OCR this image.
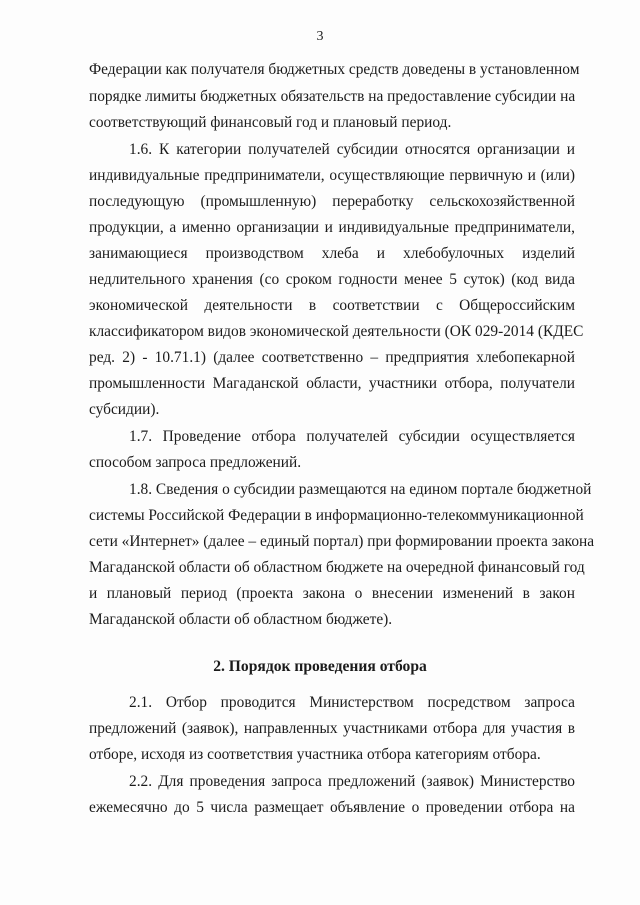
3
Федерации как получателя бюджетных средств доведены в установленном
порядке лимиты бюджетных обязательств на предоставление субсидии на
соответствующий финансовый год и плановый период.
1.6. К категории получателей субсидии относятся организации и
индивидуальные предприниматели, осуществляющие первичную и (или)
последующую (промышленную) переработку сельскохозяйственной
продукции, а именно организации и индивидуальные предприниматели,
занимающиеся производством хлеба и хлебобулочных изделий
недлительного хранения (со сроком годности менее 5 суток) (код вида
экономической деятельности в соответствии с Общероссийским
классификатором видов экономической деятельности (ОК 029-2014 (КДЕС
ред. 2) - 10.71.1) (далее соответственно – предприятия хлебопекарной
промышленности Магаданской области, участники отбора, получатели
субсидии).
1.7. Проведение отбора получателей субсидии осуществляется
способом запроса предложений.
1.8. Сведения о субсидии размещаются на едином портале бюджетной
системы Российской Федерации в информационно-телекоммуникационной
сети «Интернет» (далее – единый портал) при формировании проекта закона
Магаданской области об областном бюджете на очередной финансовый год
и плановый период (проекта закона о внесении изменений в закон
Магаданской области об областном бюджете).
2. Порядок проведения отбора
2.1. Отбор проводится Министерством посредством запроса
предложений (заявок), направленных участниками отбора для участия в
отборе, исходя из соответствия участника отбора категориям отбора.
2.2. Для проведения запроса предложений (заявок) Министерство
ежемесячно до 5 числа размещает объявление о проведении отбора на
